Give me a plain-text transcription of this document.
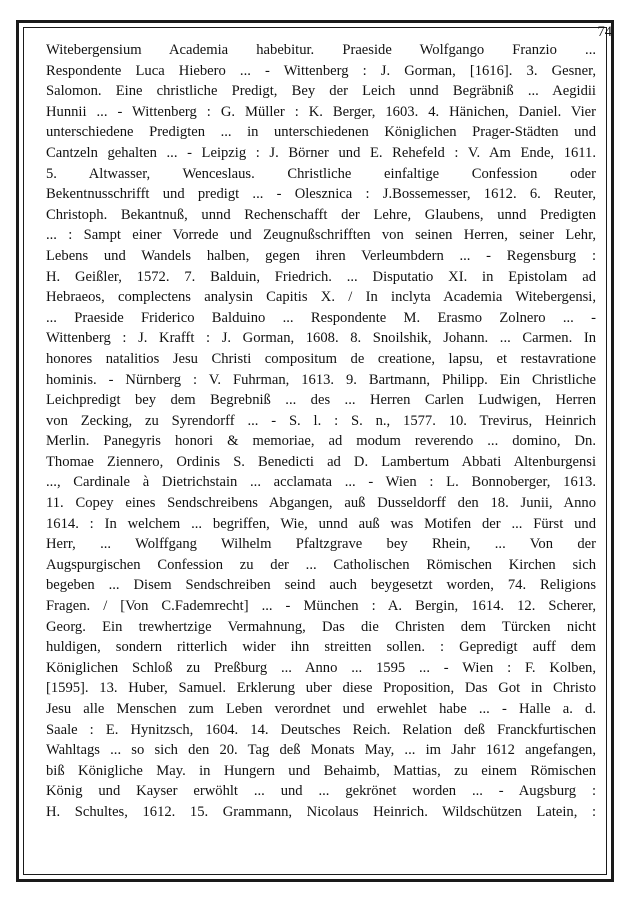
74

Witebergensium Academia habebitur. Praeside Wolfgango Franzio ...
Respondente Luca Hiebero ... - Wittenberg : J. Gorman, [1616]. 3. Gesner,
Salomon. Eine christliche Predigt, Bey der Leich unnd Begräbniß ... Aegidii
Hunnii ... - Wittenberg : G. Müller : K. Berger, 1603. 4. Hänichen, Daniel. Vier
unterschiedene Predigten ... in unterschiedenen Königlichen Prager-Städten und
Cantzeln gehalten ... - Leipzig : J. Börner und E. Rehefeld : V. Am Ende, 1611.
5. Altwasser, Wenceslaus. Christliche einfaltige Confession oder
Bekentnusschrifft und predigt ... - Olesznica : J.Bossemesser, 1612. 6. Reuter,
Christoph. Bekantnuß, unnd Rechenschafft der Lehre, Glaubens, unnd Predigten
... : Sampt einer Vorrede und Zeugnußschrifften von seinen Herren, seiner Lehr,
Lebens und Wandels halben, gegen ihren Verleumbdern ... - Regensburg :
H. Geißler, 1572. 7. Balduin, Friedrich. ... Disputatio XI. in Epistolam ad
Hebraeos, complectens analysin Capitis X. / In inclyta Academia Witebergensi,
... Praeside Friderico Balduino ... Respondente M. Erasmo Zolnero ... -
Wittenberg : J. Krafft : J. Gorman, 1608. 8. Snoilshik, Johann. ... Carmen. In
honores natalitios Jesu Christi compositum de creatione, lapsu, et restavratione
hominis. - Nürnberg : V. Fuhrman, 1613. 9. Bartmann, Philipp. Ein Christliche
Leichpredigt bey dem Begrebniß ... des ... Herren Carlen Ludwigen, Herren
von Zecking, zu Syrendorff ... - S. l. : S. n., 1577. 10. Trevirus, Heinrich
Merlin. Panegyris honori & memoriae, ad modum reverendo ... domino, Dn.
Thomae Ziennero, Ordinis S. Benedicti ad D. Lambertum Abbati Altenburgensi
..., Cardinale à Dietrichstain ... acclamata ... - Wien : L. Bonnoberger, 1613.
11. Copey eines Sendschreibens Abgangen, auß Dusseldorff den 18. Junii, Anno
1614. : In welchem ... begriffen, Wie, unnd auß was Motifen der ... Fürst und
Herr, ... Wolffgang Wilhelm Pfaltzgrave bey Rhein, ... Von der
Augspurgischen Confession zu der ... Catholischen Römischen Kirchen sich
begeben ... Disem Sendschreiben seind auch beygesetzt worden, 74. Religions
Fragen. / [Von C.Fademrecht] ... - München : A. Bergin, 1614. 12. Scherer,
Georg. Ein trewhertzige Vermahnung, Das die Christen dem Türcken nicht
huldigen, sondern ritterlich wider ihn streitten sollen. : Gepredigt auff dem
Königlichen Schloß zu Preßburg ... Anno ... 1595 ... - Wien : F. Kolben,
[1595]. 13. Huber, Samuel. Erklerung uber diese Proposition, Das Got in Christo
Jesu alle Menschen zum Leben verordnet und erwehlet habe ... - Halle a. d.
Saale : E. Hynitzsch, 1604. 14. Deutsches Reich. Relation deß Franckfurtischen
Wahltags ... so sich den 20. Tag deß Monats May, ... im Jahr 1612 angefangen,
biß Königliche May. in Hungern und Behaimb, Mattias, zu einem Römischen
König und Kayser erwöhlt ... und ... gekrönet worden ... - Augsburg :
H. Schultes, 1612. 15. Grammann, Nicolaus Heinrich. Wildschützen Latein, :
